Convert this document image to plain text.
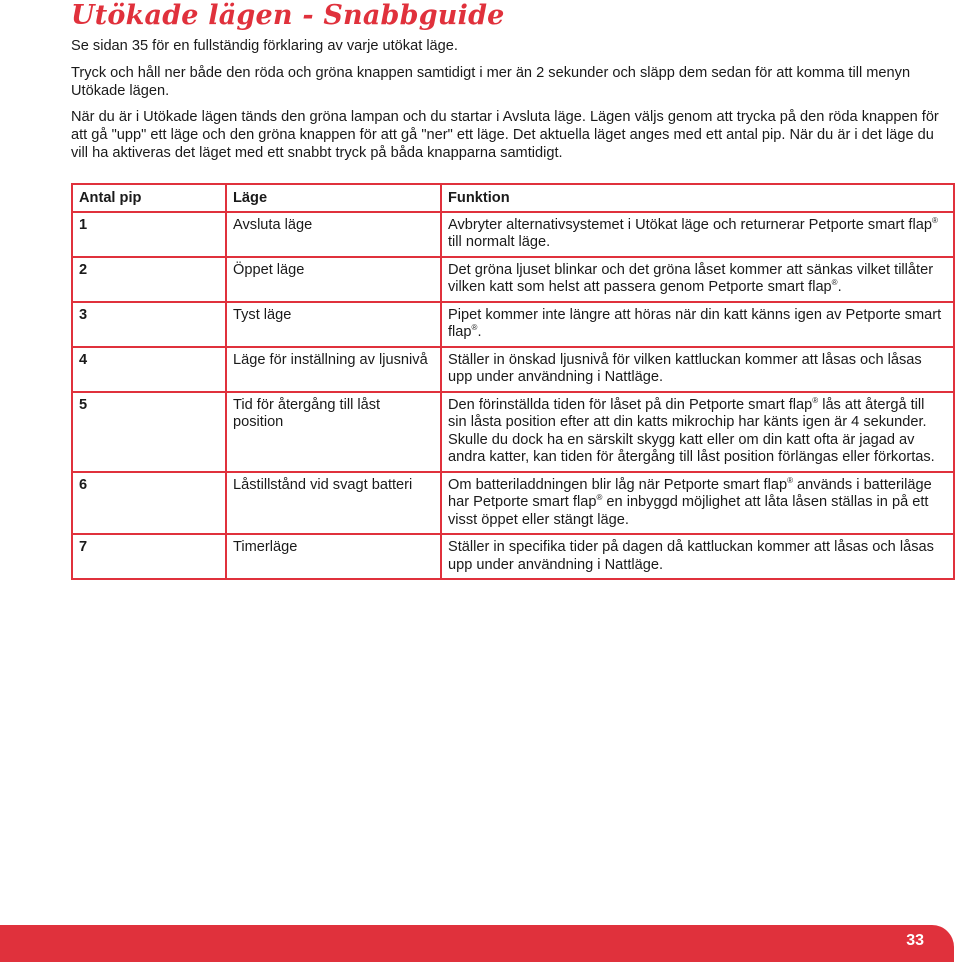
Utökade lägen - Snabbguide

Se sidan 35 för en fullständig förklaring av varje utökat läge.

Tryck och håll ner både den röda och gröna knappen samtidigt i mer än 2 sekunder och släpp dem sedan för att komma till menyn Utökade lägen.

När du är i Utökade lägen tänds den gröna lampan och du startar i Avsluta läge. Lägen väljs genom att trycka på den röda knappen för att gå "upp" ett läge och den gröna knappen för att gå "ner" ett läge. Det aktuella läget anges med ett antal pip. När du är i det läge du vill ha aktiveras det läget med ett snabbt tryck på båda knapparna samtidigt.

Antal pip	Läge	Funktion
1	Avsluta läge	Avbryter alternativsystemet i Utökat läge och returnerar Petporte smart flap® till normalt läge.
2	Öppet läge	Det gröna ljuset blinkar och det gröna låset kommer att sänkas vilket tillåter vilken katt som helst att passera genom Petporte smart flap®.
3	Tyst läge	Pipet kommer inte längre att höras när din katt känns igen av Petporte smart flap®.
4	Läge för inställning av ljusnivå	Ställer in önskad ljusnivå för vilken kattluckan kommer att låsas och låsas upp under användning i Nattläge.
5	Tid för återgång till låst position	Den förinställda tiden för låset på din Petporte smart flap® lås att återgå till sin låsta position efter att din katts mikrochip har känts igen är 4 sekunder. Skulle du dock ha en särskilt skygg katt eller om din katt ofta är jagad av andra katter, kan tiden för återgång till låst position förlängas eller förkortas.
6	Låstillstånd vid svagt batteri	Om batteriladdningen blir låg när Petporte smart flap® används i batteriläge har Petporte smart flap® en inbyggd möjlighet att låta låsen ställas in på ett visst öppet eller stängt läge.
7	Timerläge	Ställer in specifika tider på dagen då kattluckan kommer att låsas och låsas upp under användning i Nattläge.
33
